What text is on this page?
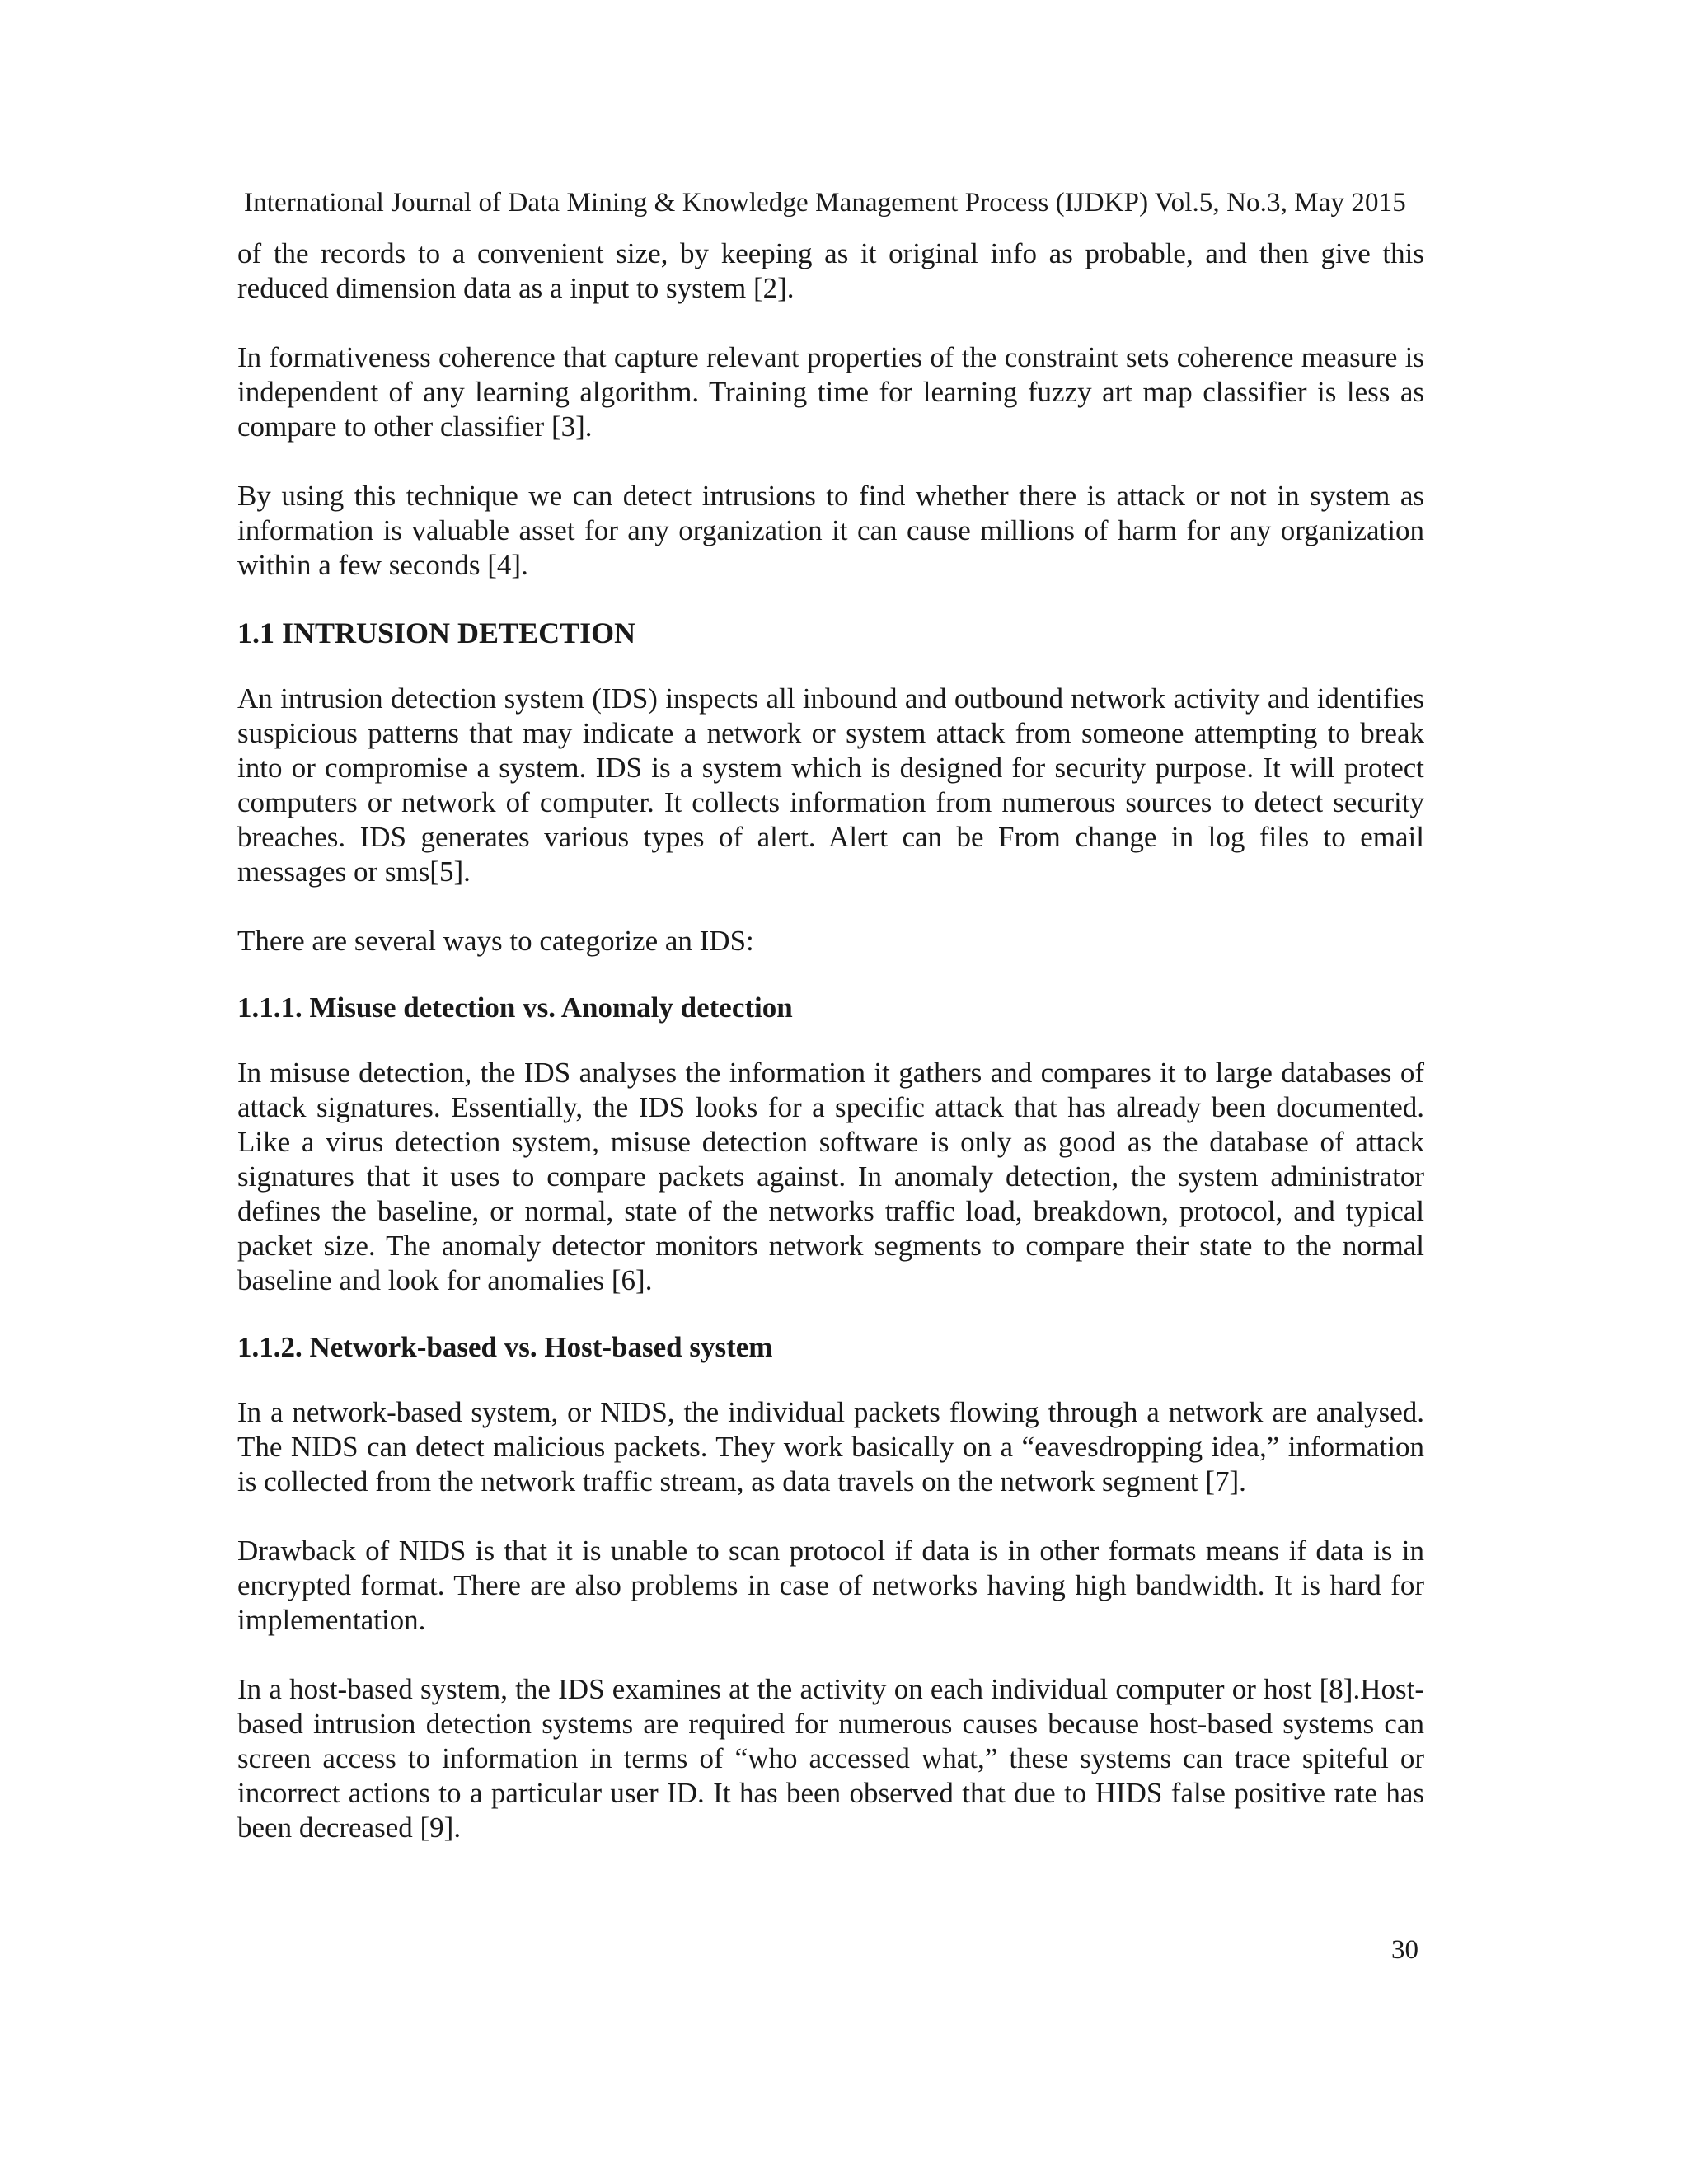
International Journal of Data Mining & Knowledge Management Process (IJDKP) Vol.5, No.3, May 2015

of the records to a convenient size, by keeping as it original info as probable, and then give this reduced dimension data as a input to system [2].

In formativeness coherence that capture relevant properties of the constraint sets coherence measure is independent of any learning algorithm. Training time for learning fuzzy art map classifier is less as compare to other classifier [3].

By using this technique we can detect intrusions to find whether there is attack or not in system as information is valuable asset for any organization it can cause millions of harm for any organization within a few seconds [4].

1.1 INTRUSION DETECTION

An intrusion detection system (IDS) inspects all inbound and outbound network activity and identifies suspicious patterns that may indicate a network or system attack from someone attempting to break into or compromise a system. IDS is a system which is designed for security purpose. It will protect computers or network of computer. It collects information from numerous sources to detect security breaches. IDS generates various types of alert. Alert can be From change in log files to email messages or sms[5].

There are several ways to categorize an IDS:

1.1.1. Misuse detection vs. Anomaly detection

In misuse detection, the IDS analyses the information it gathers and compares it to large databases of attack signatures. Essentially, the IDS looks for a specific attack that has already been documented. Like a virus detection system, misuse detection software is only as good as the database of attack signatures that it uses to compare packets against. In anomaly detection, the system administrator defines the baseline, or normal, state of the networks traffic load, breakdown, protocol, and typical packet size. The anomaly detector monitors network segments to compare their state to the normal baseline and look for anomalies [6].

1.1.2. Network-based vs. Host-based system

In a network-based system, or NIDS, the individual packets flowing through a network are analysed. The NIDS can detect malicious packets. They work basically on a “eavesdropping idea,” information is collected from the network traffic stream, as data travels on the network segment [7].

Drawback of NIDS is that it is unable to scan protocol if data is in other formats means if data is in encrypted format. There are also problems in case of networks having high bandwidth. It is hard for implementation.

In a host-based system, the IDS examines at the activity on each individual computer or host [8].Host-based intrusion detection systems are required for numerous causes because host-based systems can screen access to information in terms of “who accessed what,” these systems can trace spiteful or incorrect actions to a particular user ID. It has been observed that due to HIDS false positive rate has been decreased [9].

30
